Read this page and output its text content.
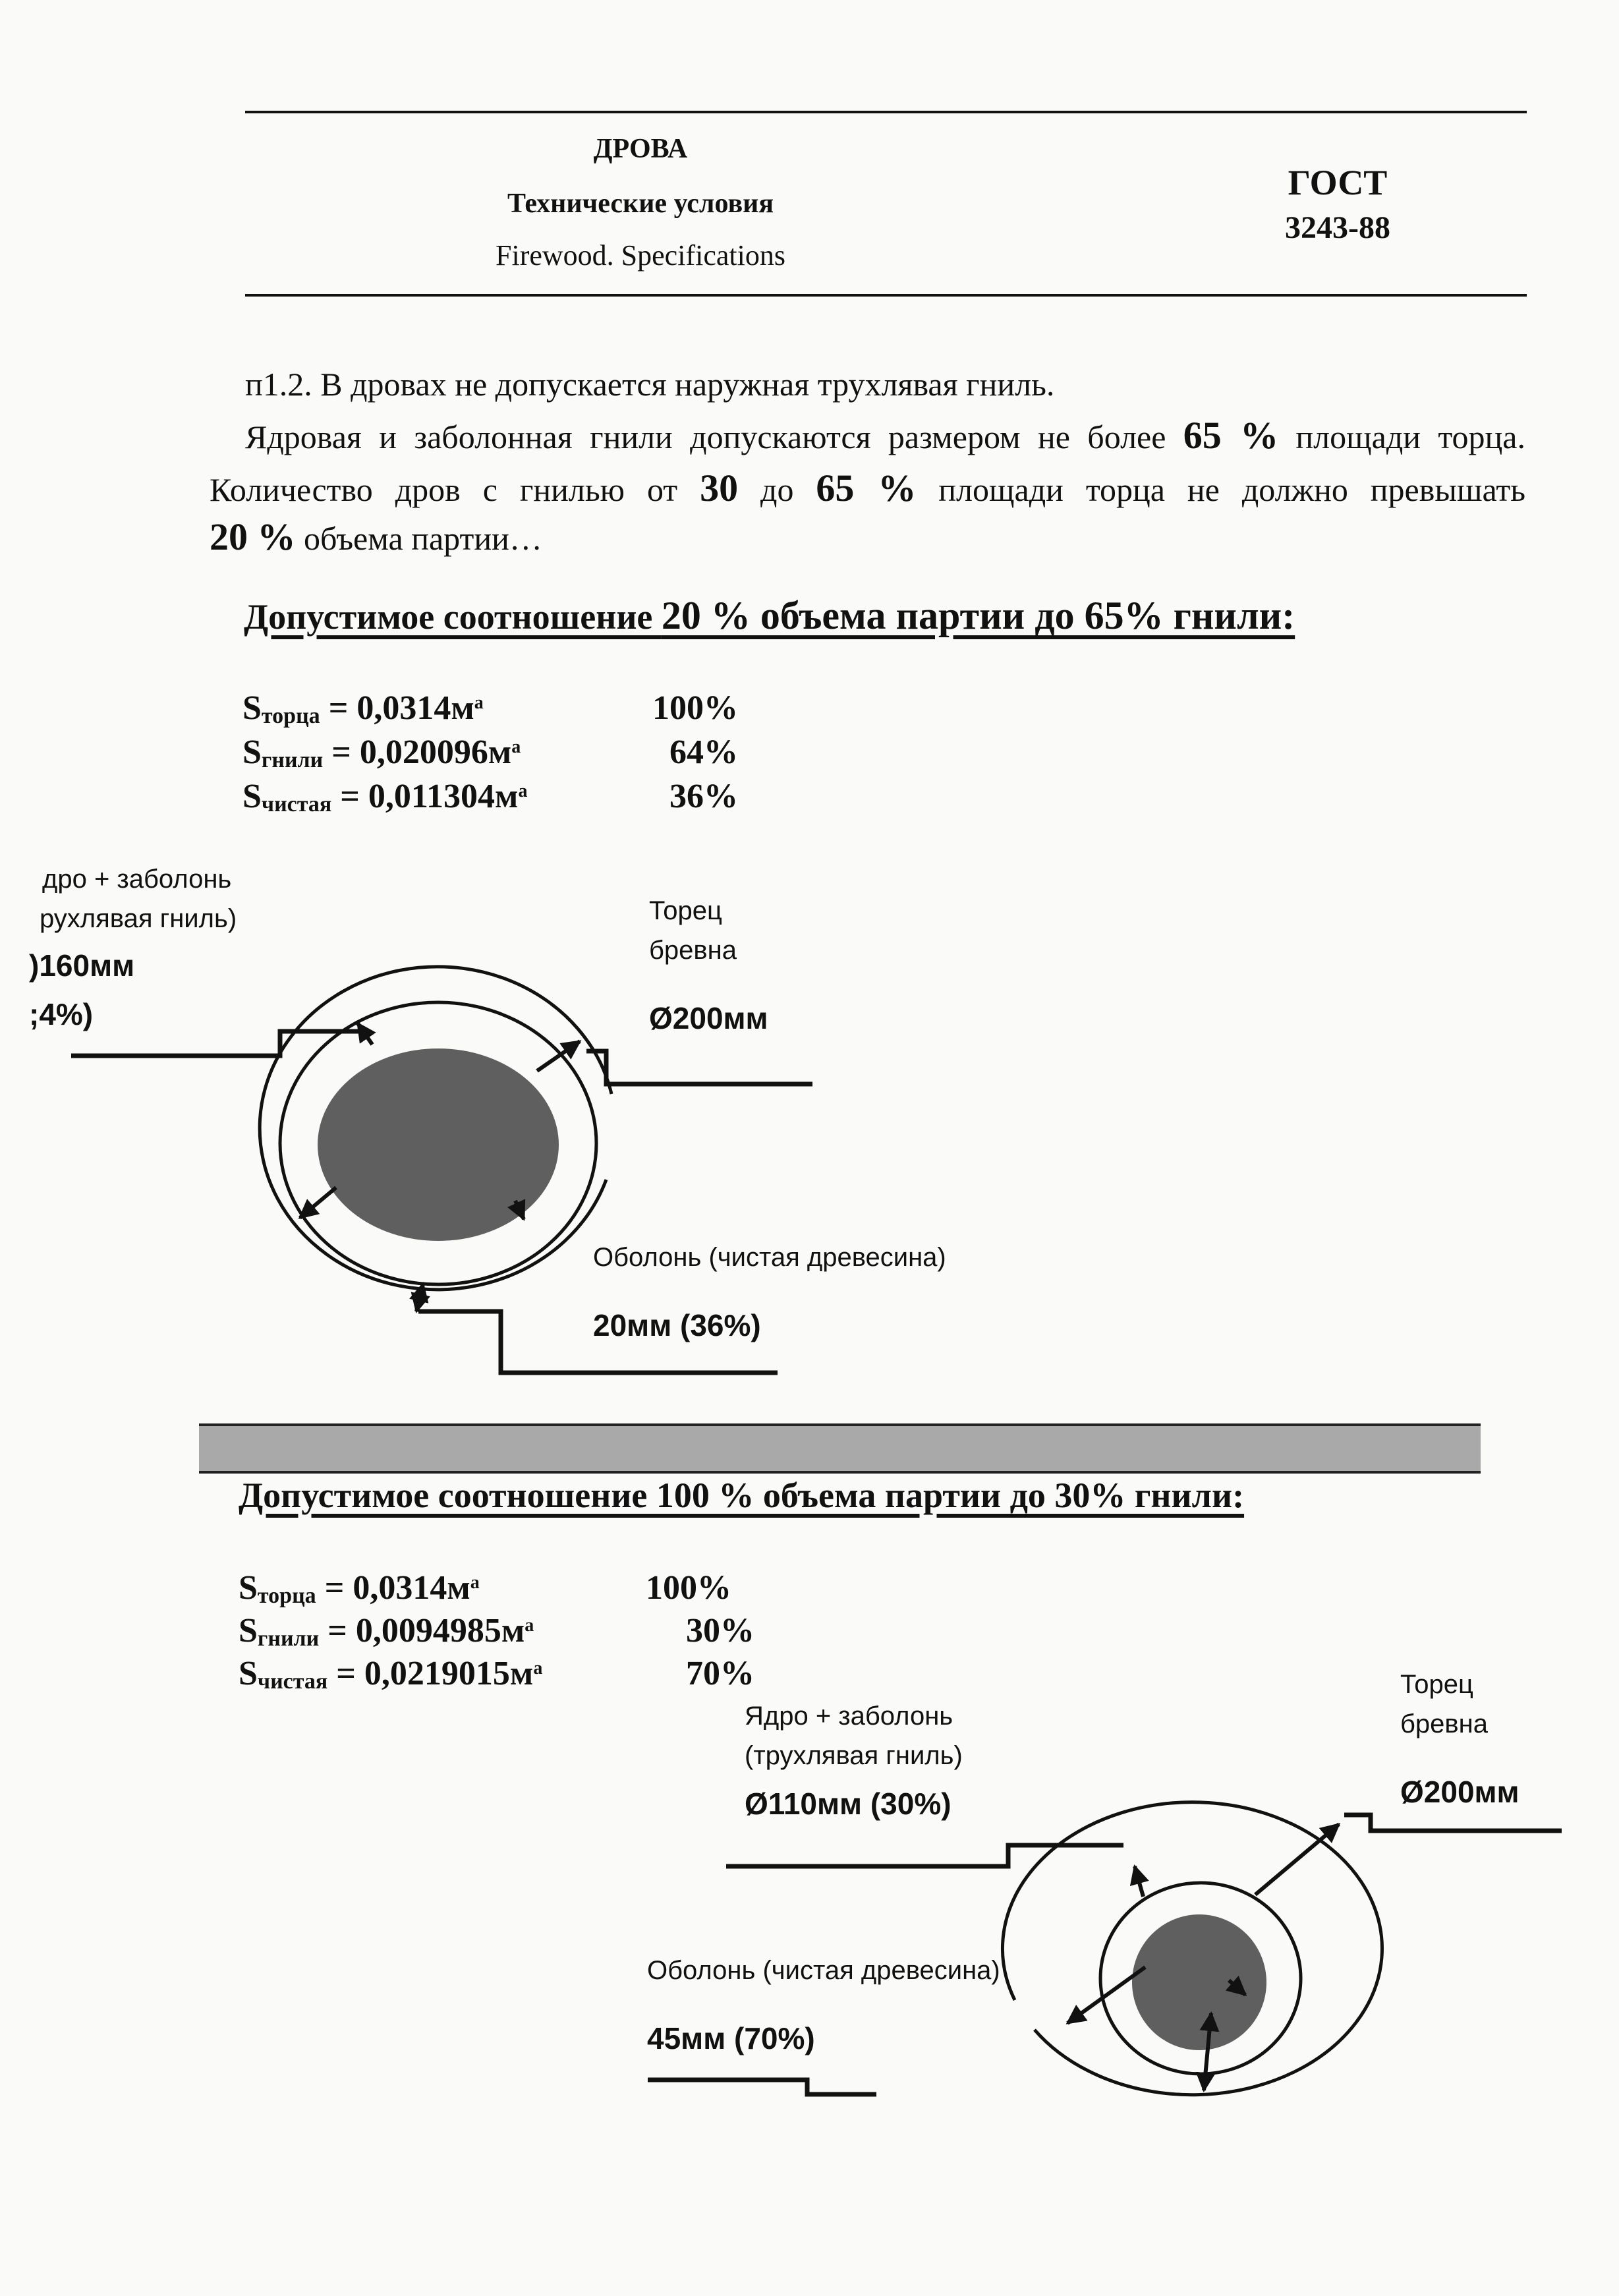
ДРОВА
Технические условия
Firewood. Specifications
ГОСТ
3243-88
п1.2. В дровах не допускается наружная трухлявая гниль.
Ядровая и заболонная гнили допускаются размером не более 65 % площади торца. Количество дров с гнилью от 30 до 65 % площади торца не должно превышать
20 % объема партии…
Допустимое соотношение 20 % объема партии до 65% гнили:
$S_{торца} = 0,0314м^а$	100%
$S_{гнили} = 0,020096м^а$	64%
$S_{чистая} = 0,011304м^а$	36%
дро + заболонь
рухлявая гниль)
)160мм
;4%)
Торец
бревна
Ø200мм
Оболонь (чистая древесина)
20мм (36%)
Допустимое соотношение 100 % объема партии до 30% гнили:
$S_{торца} = 0,0314м^а$	100%
$S_{гнили} = 0,0094985м^а$	30%
$S_{чистая} = 0,0219015м^а$	70%
Ядро + заболонь
(трухлявая гниль)
Ø110мм (30%)
Торец
бревна
Ø200мм
Оболонь (чистая древесина)
45мм (70%)
